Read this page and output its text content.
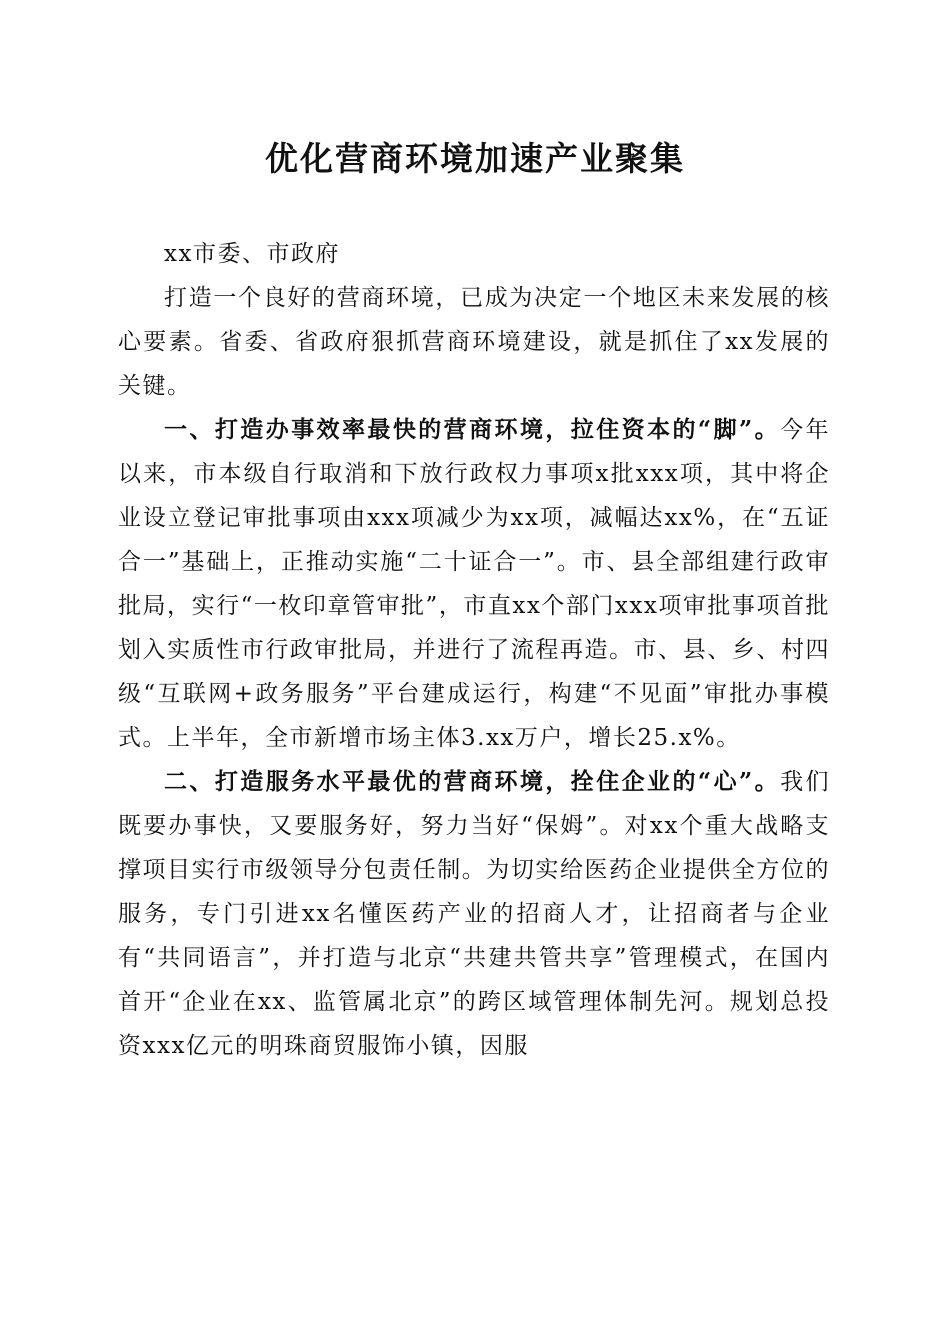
优化营商环境加速产业聚集

xx市委、市政府

打造一个良好的营商环境，已成为决定一个地区未来发展的核心要素。省委、省政府狠抓营商环境建设，就是抓住了xx发展的关键。

一、打造办事效率最快的营商环境，拉住资本的“脚”。今年以来，市本级自行取消和下放行政权力事项x批xxx项，其中将企业设立登记审批事项由xxx项减少为xx项，减幅达xx%，在“五证合一”基础上，正推动实施“二十证合一”。市、县全部组建行政审批局，实行“一枚印章管审批”，市直xx个部门xxx项审批事项首批划入实质性市行政审批局，并进行了流程再造。市、县、乡、村四级“互联网+政务服务”平台建成运行，构建“不见面”审批办事模式。上半年，全市新增市场主体3.xx万户，增长25.x%。

二、打造服务水平最优的营商环境，拴住企业的“心”。我们既要办事快，又要服务好，努力当好“保姆”。对xx个重大战略支撑项目实行市级领导分包责任制。为切实给医药企业提供全方位的服务，专门引进xx名懂医药产业的招商人才，让招商者与企业有“共同语言”，并打造与北京“共建共管共享”管理模式，在国内首开“企业在xx、监管属北京”的跨区域管理体制先河。规划总投资xxx亿元的明珠商贸服饰小镇，因服
